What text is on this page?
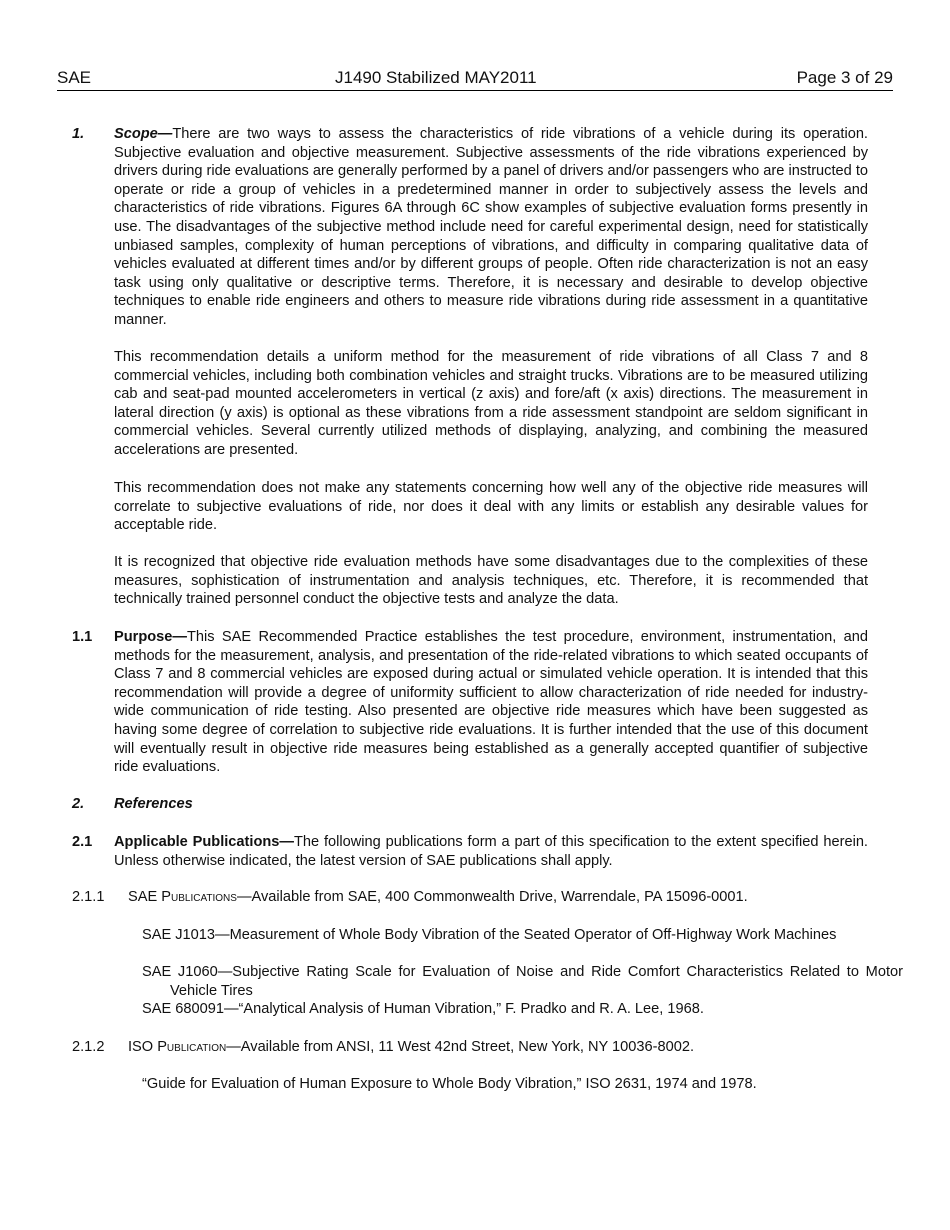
SAE	J1490 Stabilized MAY2011	Page 3 of 29
1. Scope—There are two ways to assess the characteristics of ride vibrations of a vehicle during its operation. Subjective evaluation and objective measurement. Subjective assessments of the ride vibrations experienced by drivers during ride evaluations are generally performed by a panel of drivers and/or passengers who are instructed to operate or ride a group of vehicles in a predetermined manner in order to subjectively assess the levels and characteristics of ride vibrations. Figures 6A through 6C show examples of subjective evaluation forms presently in use. The disadvantages of the subjective method include need for careful experimental design, need for statistically unbiased samples, complexity of human perceptions of vibrations, and difficulty in comparing qualitative data of vehicles evaluated at different times and/or by different groups of people. Often ride characterization is not an easy task using only qualitative or descriptive terms. Therefore, it is necessary and desirable to develop objective techniques to enable ride engineers and others to measure ride vibrations during ride assessment in a quantitative manner.

This recommendation details a uniform method for the measurement of ride vibrations of all Class 7 and 8 commercial vehicles, including both combination vehicles and straight trucks. Vibrations are to be measured utilizing cab and seat-pad mounted accelerometers in vertical (z axis) and fore/aft (x axis) directions. The measurement in lateral direction (y axis) is optional as these vibrations from a ride assessment standpoint are seldom significant in commercial vehicles. Several currently utilized methods of displaying, analyzing, and combining the measured accelerations are presented.

This recommendation does not make any statements concerning how well any of the objective ride measures will correlate to subjective evaluations of ride, nor does it deal with any limits or establish any desirable values for acceptable ride.

It is recognized that objective ride evaluation methods have some disadvantages due to the complexities of these measures, sophistication of instrumentation and analysis techniques, etc. Therefore, it is recommended that technically trained personnel conduct the objective tests and analyze the data.

1.1 Purpose—This SAE Recommended Practice establishes the test procedure, environment, instrumentation, and methods for the measurement, analysis, and presentation of the ride-related vibrations to which seated occupants of Class 7 and 8 commercial vehicles are exposed during actual or simulated vehicle operation. It is intended that this recommendation will provide a degree of uniformity sufficient to allow characterization of ride needed for industry-wide communication of ride testing. Also presented are objective ride measures which have been suggested as having some degree of correlation to subjective ride evaluations. It is further intended that the use of this document will eventually result in objective ride measures being established as a generally accepted quantifier of subjective ride evaluations.

2. References
2.1 Applicable Publications—The following publications form a part of this specification to the extent specified herein. Unless otherwise indicated, the latest version of SAE publications shall apply.

2.1.1 SAE Publications—Available from SAE, 400 Commonwealth Drive, Warrendale, PA 15096-0001.

SAE J1013—Measurement of Whole Body Vibration of the Seated Operator of Off-Highway Work Machines

SAE J1060—Subjective Rating Scale for Evaluation of Noise and Ride Comfort Characteristics Related to Motor Vehicle Tires

SAE 680091—“Analytical Analysis of Human Vibration,” F. Pradko and R. A. Lee, 1968.

2.1.2 ISO Publication—Available from ANSI, 11 West 42nd Street, New York, NY 10036-8002.
“Guide for Evaluation of Human Exposure to Whole Body Vibration,” ISO 2631, 1974 and 1978.
